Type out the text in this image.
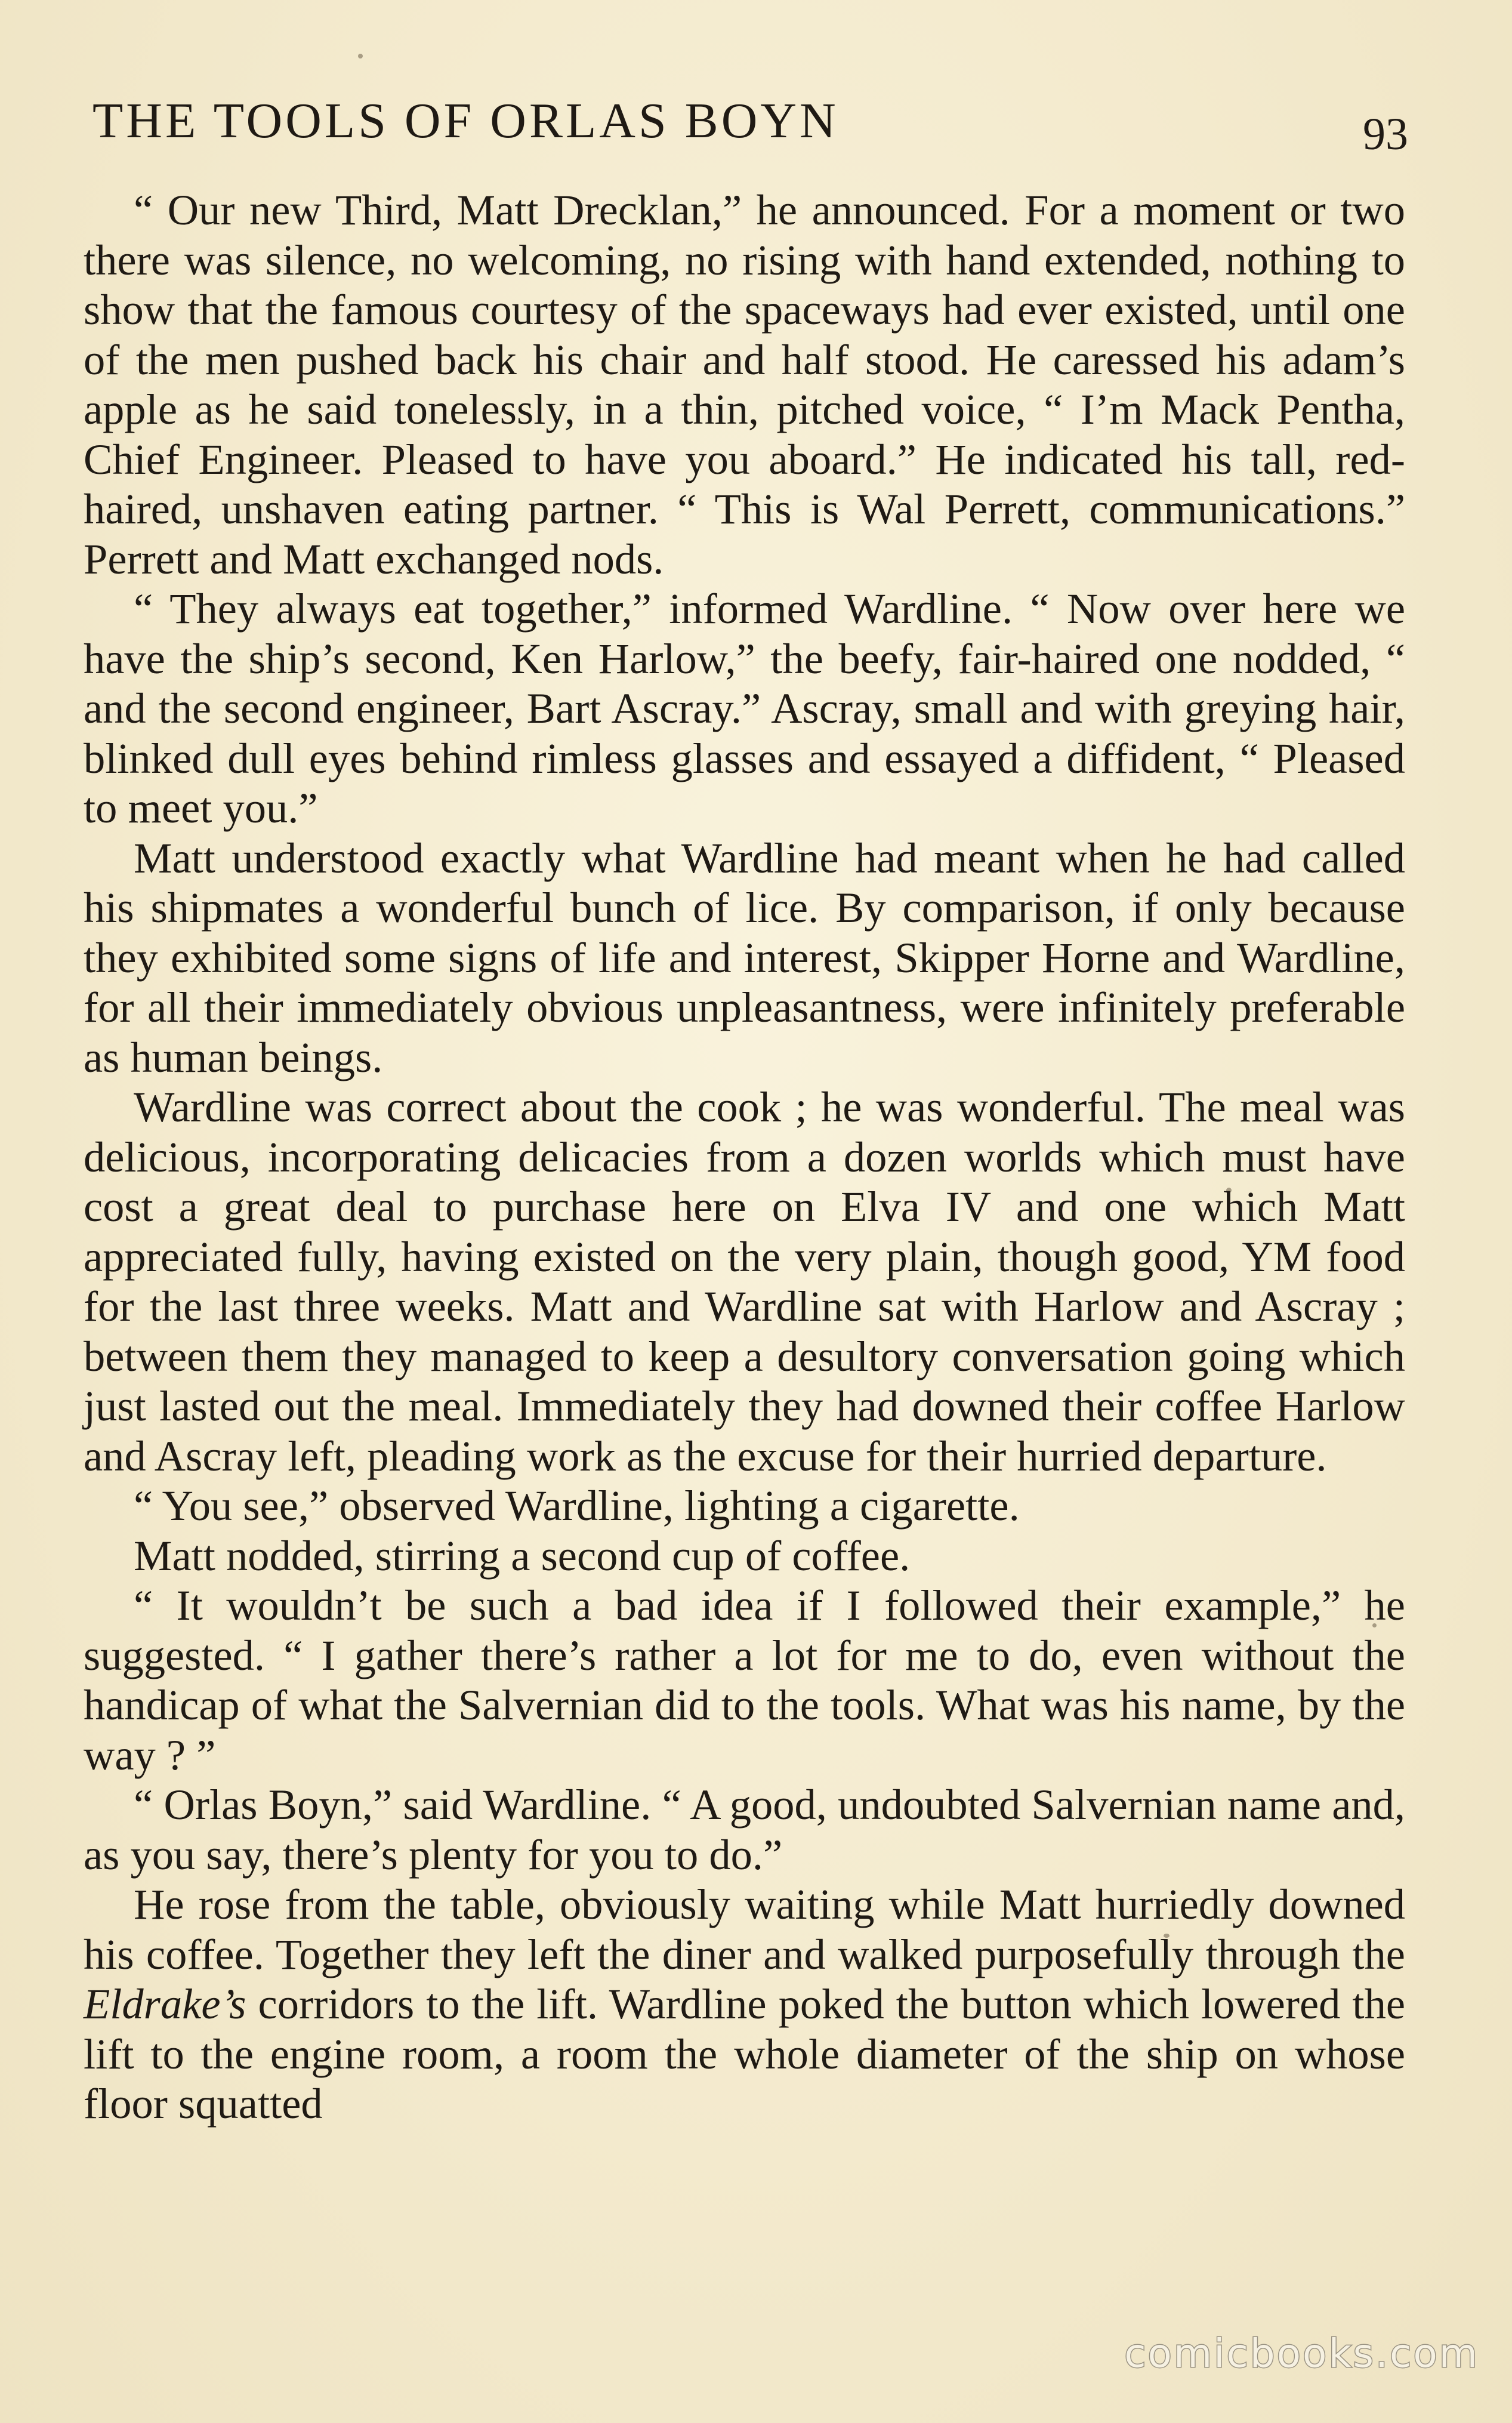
THE TOOLS OF ORLAS BOYN	93

“ Our new Third, Matt Drecklan,” he announced. For a moment or two there was silence, no welcoming, no rising with hand extended, nothing to show that the famous courtesy of the spaceways had ever existed, until one of the men pushed back his chair and half stood. He caressed his adam’s apple as he said tonelessly, in a thin, pitched voice, “ I’m Mack Pentha, Chief Engineer. Pleased to have you aboard.” He indicated his tall, red-haired, unshaven eating partner. “ This is Wal Perrett, communications.” Perrett and Matt exchanged nods.

“ They always eat together,” informed Wardline. “ Now over here we have the ship’s second, Ken Harlow,” the beefy, fair-haired one nodded, “ and the second engineer, Bart Ascray.” Ascray, small and with greying hair, blinked dull eyes behind rimless glasses and essayed a diffident, “ Pleased to meet you.”

Matt understood exactly what Wardline had meant when he had called his shipmates a wonderful bunch of lice. By comparison, if only because they exhibited some signs of life and interest, Skipper Horne and Wardline, for all their immediately obvious unpleasantness, were infinitely preferable as human beings.

Wardline was correct about the cook ; he was wonderful. The meal was delicious, incorporating delicacies from a dozen worlds which must have cost a great deal to purchase here on Elva IV and one which Matt appreciated fully, having existed on the very plain, though good, YM food for the last three weeks. Matt and Wardline sat with Harlow and Ascray ; between them they managed to keep a desultory conversation going which just lasted out the meal. Immediately they had downed their coffee Harlow and Ascray left, pleading work as the excuse for their hurried departure.

“ You see,” observed Wardline, lighting a cigarette.

Matt nodded, stirring a second cup of coffee.

“ It wouldn’t be such a bad idea if I followed their example,” he suggested. “ I gather there’s rather a lot for me to do, even without the handicap of what the Salvernian did to the tools. What was his name, by the way ? ”

“ Orlas Boyn,” said Wardline. “ A good, undoubted Salvernian name and, as you say, there’s plenty for you to do.”

He rose from the table, obviously waiting while Matt hurriedly downed his coffee. Together they left the diner and walked purposefully through the Eldrake’s corridors to the lift. Wardline poked the button which lowered the lift to the engine room, a room the whole diameter of the ship on whose floor squatted

comicbooks.com
